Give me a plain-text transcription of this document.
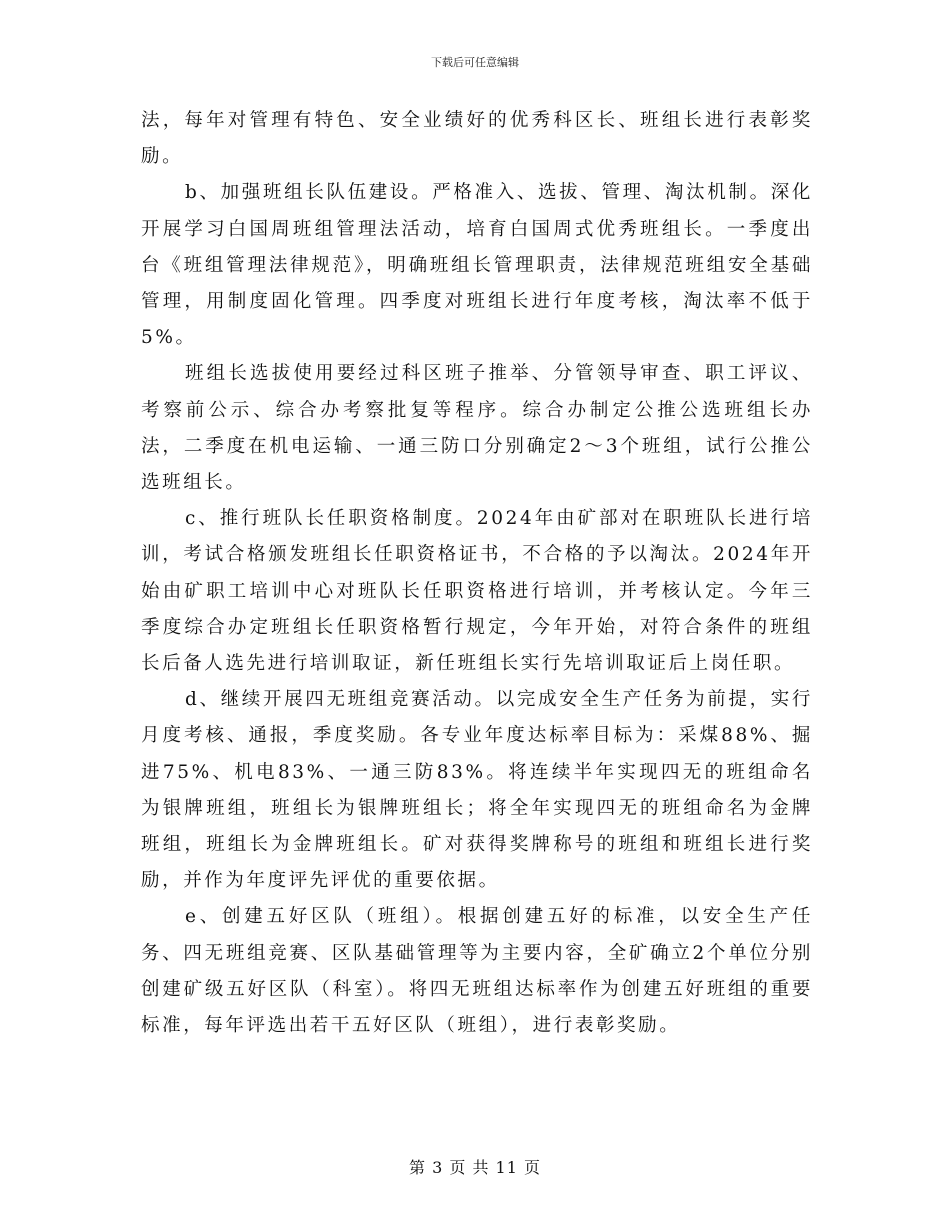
下载后可任意编辑

法，每年对管理有特色、安全业绩好的优秀科区长、班组长进行表彰奖励。

b、加强班组长队伍建设。严格准入、选拔、管理、淘汰机制。深化开展学习白国周班组管理法活动，培育白国周式优秀班组长。一季度出台《班组管理法律规范》，明确班组长管理职责，法律规范班组安全基础管理，用制度固化管理。四季度对班组长进行年度考核，淘汰率不低于5%。

班组长选拔使用要经过科区班子推举、分管领导审查、职工评议、考察前公示、综合办考察批复等程序。综合办制定公推公选班组长办法，二季度在机电运输、一通三防口分别确定2～3个班组，试行公推公选班组长。

c、推行班队长任职资格制度。2024年由矿部对在职班队长进行培训，考试合格颁发班组长任职资格证书，不合格的予以淘汰。2024年开始由矿职工培训中心对班队长任职资格进行培训，并考核认定。今年三季度综合办定班组长任职资格暂行规定，今年开始，对符合条件的班组长后备人选先进行培训取证，新任班组长实行先培训取证后上岗任职。

d、继续开展四无班组竞赛活动。以完成安全生产任务为前提，实行月度考核、通报，季度奖励。各专业年度达标率目标为：采煤88%、掘进75%、机电83%、一通三防83%。将连续半年实现四无的班组命名为银牌班组，班组长为银牌班组长；将全年实现四无的班组命名为金牌班组，班组长为金牌班组长。矿对获得奖牌称号的班组和班组长进行奖励，并作为年度评先评优的重要依据。

e、创建五好区队（班组）。根据创建五好的标准，以安全生产任务、四无班组竞赛、区队基础管理等为主要内容，全矿确立2个单位分别创建矿级五好区队（科室）。将四无班组达标率作为创建五好班组的重要标准，每年评选出若干五好区队（班组），进行表彰奖励。

第 3 页 共 11 页
